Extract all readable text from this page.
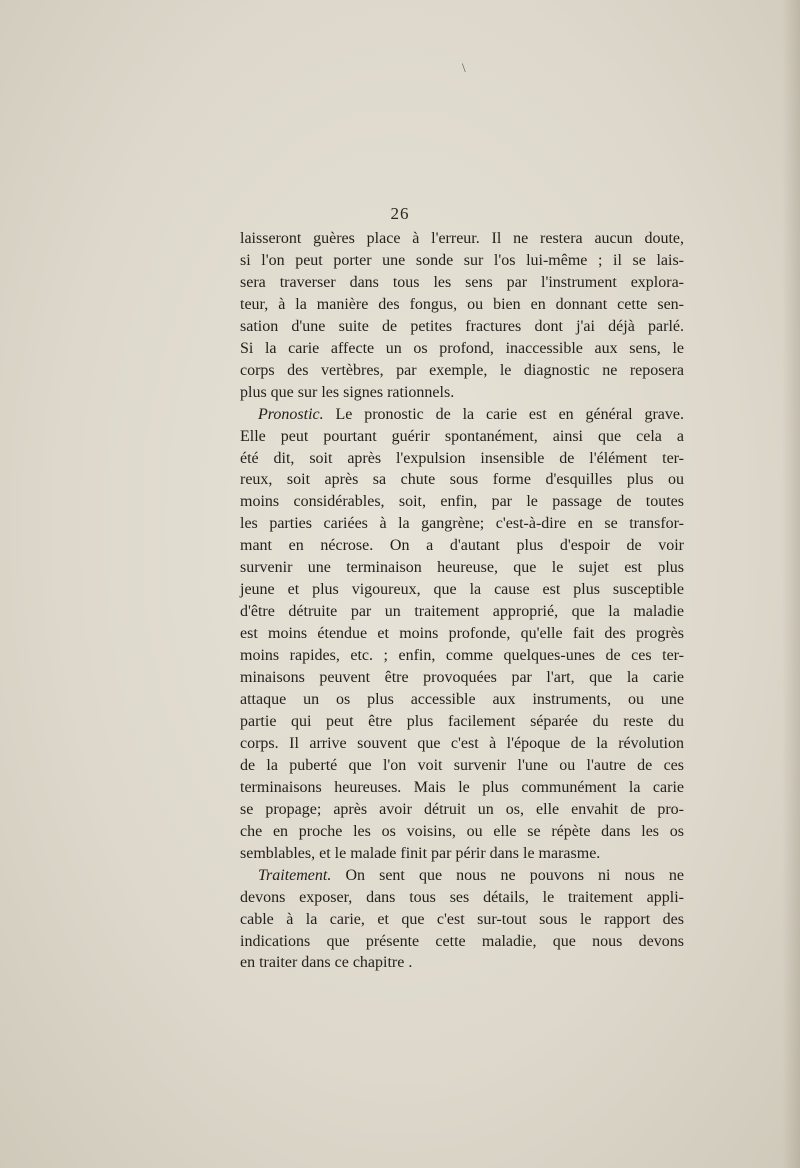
\
26
laisseront guères place à l'erreur. Il ne restera aucun doute,
si l'on peut porter une sonde sur l'os lui-même ; il se lais-
sera traverser dans tous les sens par l'instrument explora-
teur, à la manière des fongus, ou bien en donnant cette sen-
sation d'une suite de petites fractures dont j'ai déjà parlé.
Si la carie affecte un os profond, inaccessible aux sens, le
corps des vertèbres, par exemple, le diagnostic ne reposera
plus que sur les signes rationnels.
Pronostic. Le pronostic de la carie est en général grave.
Elle peut pourtant guérir spontanément, ainsi que cela a
été dit, soit après l'expulsion insensible de l'élément ter-
reux, soit après sa chute sous forme d'esquilles plus ou
moins considérables, soit, enfin, par le passage de toutes
les parties cariées à la gangrène; c'est-à-dire en se transfor-
mant en nécrose. On a d'autant plus d'espoir de voir
survenir une terminaison heureuse, que le sujet est plus
jeune et plus vigoureux, que la cause est plus susceptible
d'être détruite par un traitement approprié, que la maladie
est moins étendue et moins profonde, qu'elle fait des progrès
moins rapides, etc. ; enfin, comme quelques-unes de ces ter-
minaisons peuvent être provoquées par l'art, que la carie
attaque un os plus accessible aux instruments, ou une
partie qui peut être plus facilement séparée du reste du
corps. Il arrive souvent que c'est à l'époque de la révolution
de la puberté que l'on voit survenir l'une ou l'autre de ces
terminaisons heureuses. Mais le plus communément la carie
se propage; après avoir détruit un os, elle envahit de pro-
che en proche les os voisins, ou elle se répète dans les os
semblables, et le malade finit par périr dans le marasme.
Traitement. On sent que nous ne pouvons ni nous ne
devons exposer, dans tous ses détails, le traitement appli-
cable à la carie, et que c'est sur-tout sous le rapport des
indications que présente cette maladie, que nous devons
en traiter dans ce chapitre .
